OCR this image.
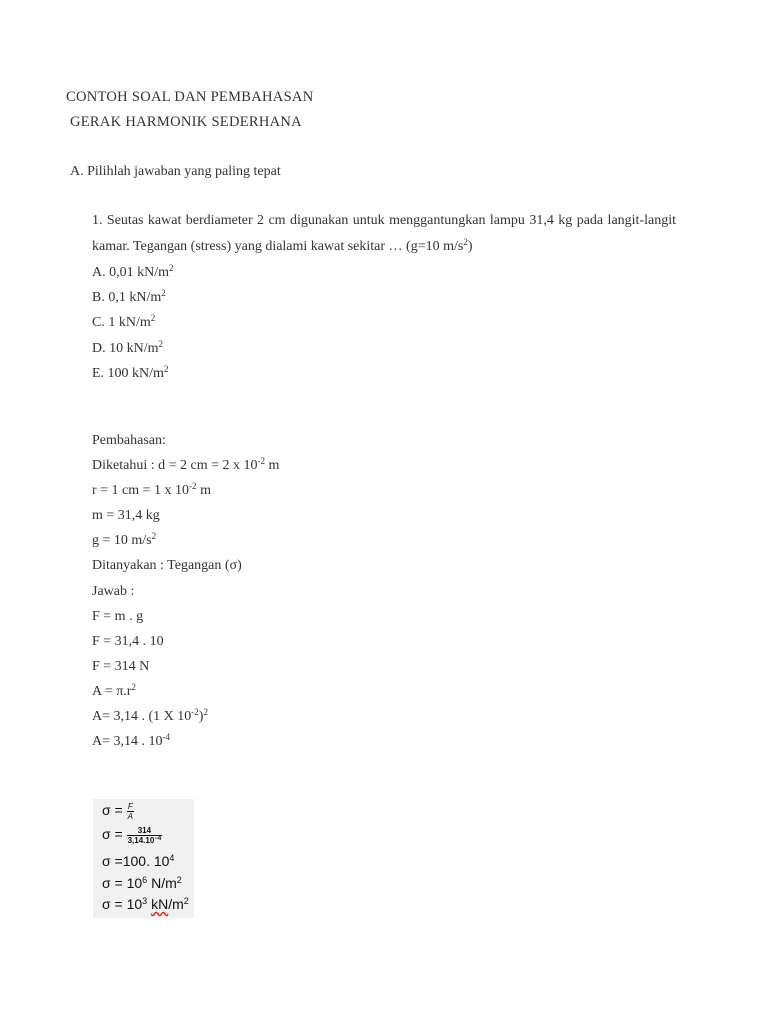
CONTOH SOAL DAN PEMBAHASAN
GERAK HARMONIK SEDERHANA
A. Pilihlah jawaban yang paling tepat
1. Seutas kawat berdiameter 2 cm digunakan untuk menggantungkan lampu 31,4 kg pada langit-langit kamar. Tegangan (stress) yang dialami kawat sekitar … (g=10 $m/s^2$)
A. 0,01 $kN/m^2$
B. 0,1 $kN/m^2$
C. 1 $kN/m^2$
D. 10 $kN/m^2$
E. 100 $kN/m^2$
Pembahasan:
Diketahui : d = 2 cm = 2 x $10^{-2}$ m
r = 1 cm = 1 x $10^{-2}$ m
m = 31,4 kg
g = 10 $m/s^2$
Ditanyakan : Tegangan (σ)
Jawab :
F = m . g
F = 31,4 . 10
F = 314 N
$A = \pi.r^2$
A= 3,14 . (1 X $10^{-2})^2$
A= 3,14 . $10^{-4}$
$\sigma = \frac{F}{A}$
$\sigma = \frac{314}{3,14.10^{-4}}$
σ =100. $10^4$
$\sigma = 10^6$ $N/m^2$
$\sigma = 10^3$ $kN/m^2$
